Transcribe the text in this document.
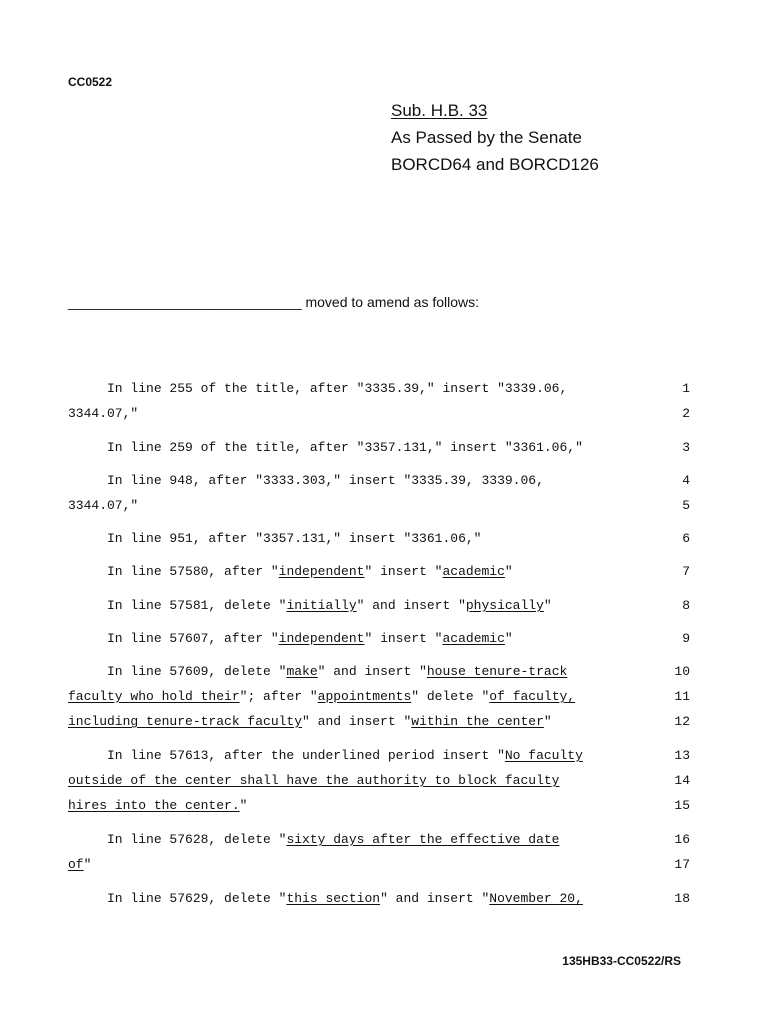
CC0522
Sub. H.B. 33
As Passed by the Senate
BORCD64 and BORCD126
______________________________ moved to amend as follows:
In line 255 of the title, after "3335.39," insert "3339.06,	1
3344.07,"	2
In line 259 of the title, after "3357.131," insert "3361.06,"	3
In line 948, after "3333.303," insert "3335.39, 3339.06,	4
3344.07,"	5
In line 951, after "3357.131," insert "3361.06,"	6
In line 57580, after "independent" insert "academic"	7
In line 57581, delete "initially" and insert "physically"	8
In line 57607, after "independent" insert "academic"	9
In line 57609, delete "make" and insert "house tenure-track	10
faculty who hold their"; after "appointments" delete "of faculty,	11
including tenure-track faculty" and insert "within the center"	12
In line 57613, after the underlined period insert "No faculty	13
outside of the center shall have the authority to block faculty	14
hires into the center."	15
In line 57628, delete "sixty days after the effective date	16
of"	17
In line 57629, delete "this section" and insert "November 20,	18
135HB33-CC0522/RS
